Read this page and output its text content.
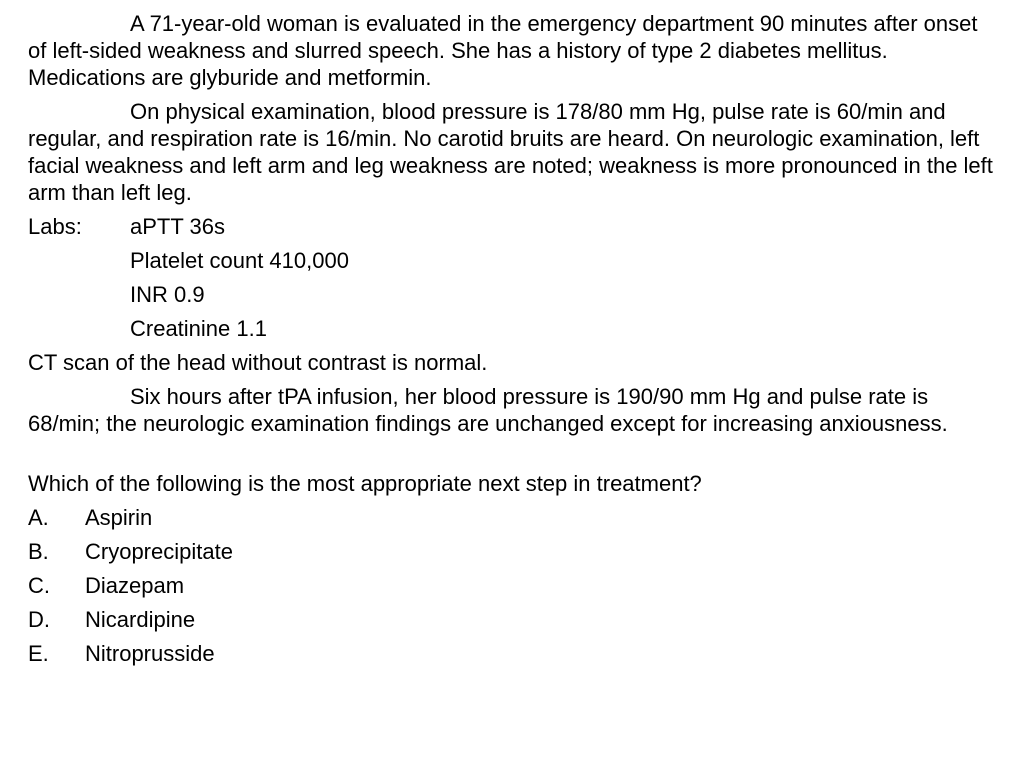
A 71-year-old woman is evaluated in the emergency department 90 minutes after onset of left-sided weakness and slurred speech. She has a history of type 2 diabetes mellitus. Medications are glyburide and metformin.

On physical examination, blood pressure is 178/80 mm Hg, pulse rate is 60/min and regular, and respiration rate is 16/min. No carotid bruits are heard. On neurologic examination, left facial weakness and left arm and leg weakness are noted; weakness is more pronounced in the left arm than left leg.

Labs:	aPTT 36s
Platelet count 410,000
INR 0.9
Creatinine 1.1

CT scan of the head without contrast is normal.

Six hours after tPA infusion, her blood pressure is 190/90 mm Hg and pulse rate is 68/min; the neurologic examination findings are unchanged except for increasing anxiousness.

Which of the following is the most appropriate next step in treatment?

A.	Aspirin
B.	Cryoprecipitate
C.	Diazepam
D.	Nicardipine
E.	Nitroprusside
